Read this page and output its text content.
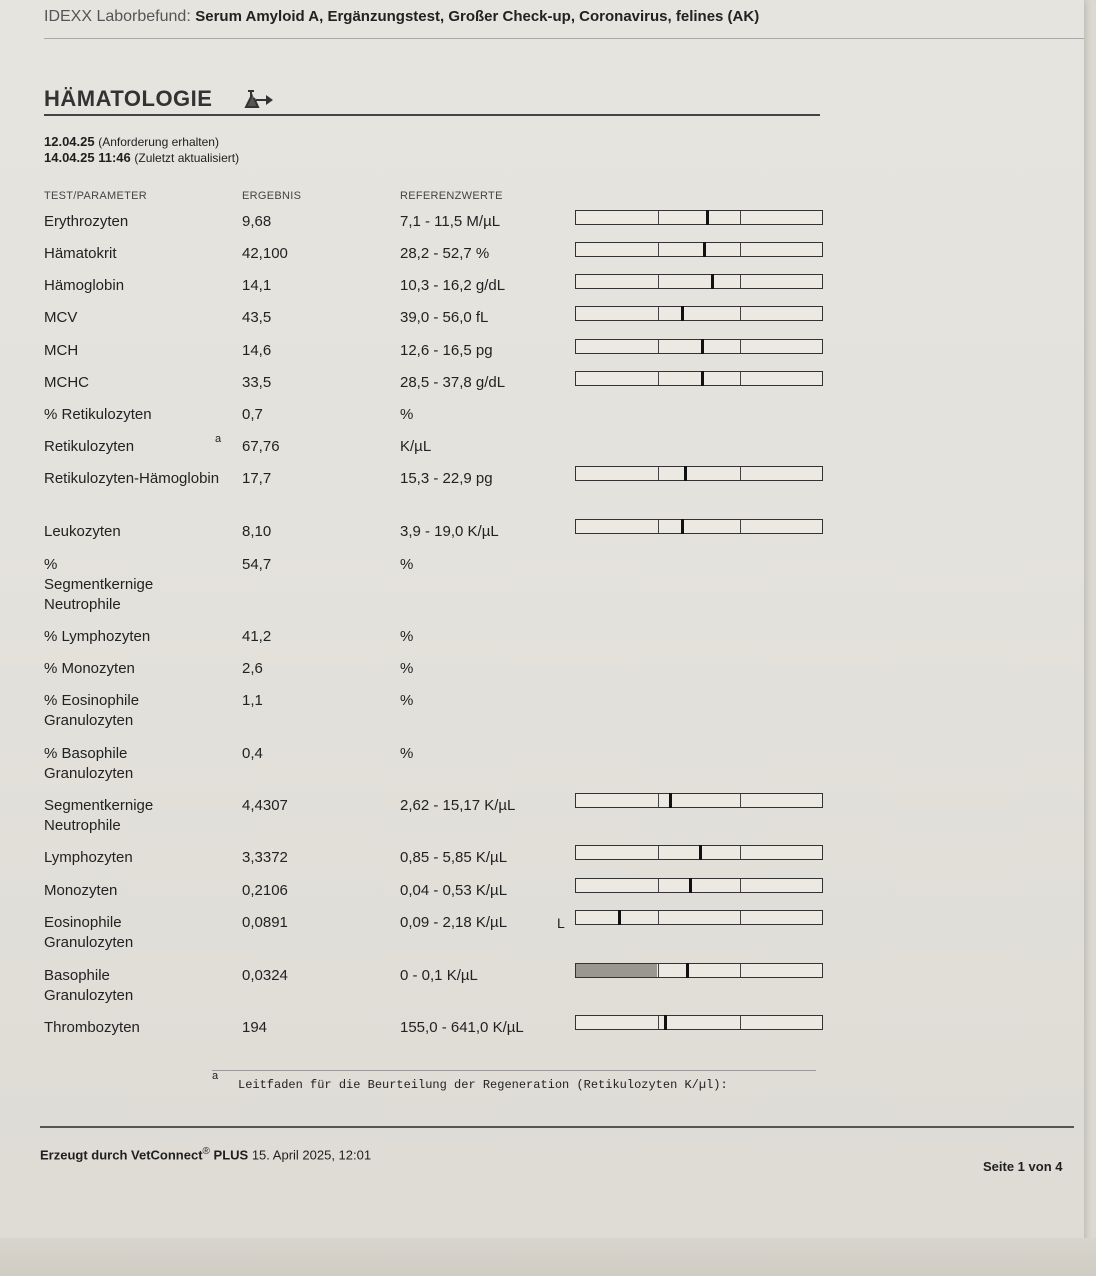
IDEXX Laborbefund: Serum Amyloid A, Ergänzungstest, Großer Check-up, Coronavirus, felines (AK)
HÄMATOLOGIE
12.04.25 (Anforderung erhalten)
14.04.25 11:46 (Zuletzt aktualisiert)
TEST/PARAMETER	ERGEBNIS	REFERENZWERTE
Erythrozyten	9,68	7,1 - 11,5 M/µL
Hämatokrit	42,100	28,2 - 52,7 %
Hämoglobin	14,1	10,3 - 16,2 g/dL
MCV	43,5	39,0 - 56,0 fL
MCH	14,6	12,6 - 16,5 pg
MCHC	33,5	28,5 - 37,8 g/dL
% Retikulozyten	0,7	%
Retikulozyten	a 67,76	K/µL
Retikulozyten-Hämoglobin 17,7	15,3 - 22,9 pg
Leukozyten	8,10	3,9 - 19,0 K/µL
%
Segmentkernige
Neutrophile
54,7	%
% Lymphozyten	41,2	%
% Monozyten	2,6	%
% Eosinophile
Granulozyten
1,1	%
% Basophile
Granulozyten
0,4	%
Segmentkernige
Neutrophile
4,4307	2,62 - 15,17 K/µL
Lymphozyten	3,3372	0,85 - 5,85 K/µL
Monozyten	0,2106	0,04 - 0,53 K/µL
Eosinophile
Granulozyten
0,0891	0,09 - 2,18 K/µL	L
Basophile
Granulozyten
0,0324	0 - 0,1 K/µL
Thrombozyten	194	155,0 - 641,0 K/µL
a
Leitfaden für die Beurteilung der Regeneration (Retikulozyten K/µl):
Erzeugt durch VetConnect® PLUS 15. April 2025, 12:01
Seite 1 von 4
